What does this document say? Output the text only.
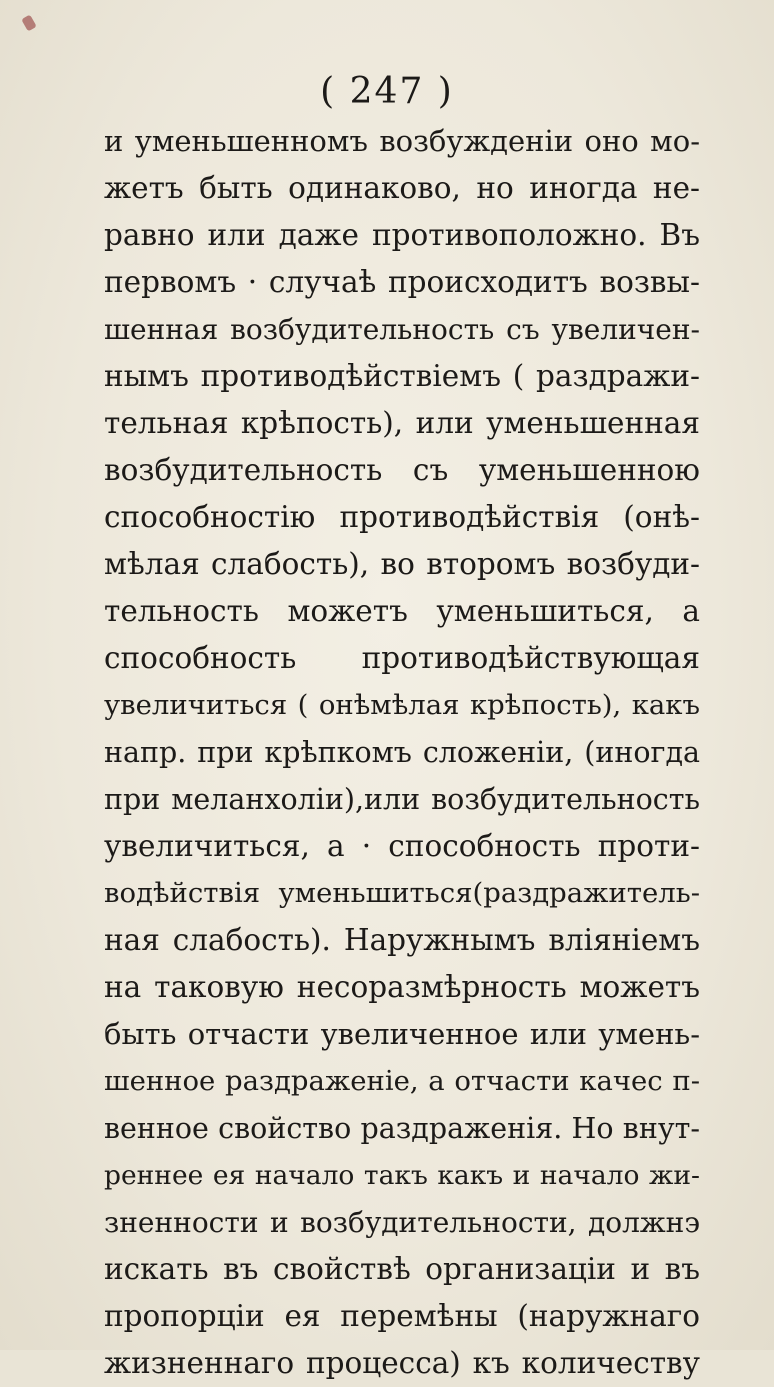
( 247 )
и уменьшенномъ возбужденіи оно мо-
жетъ быть одинаково, но иногда не-
равно или даже противоположно. Въ
первомъ · случаѣ происходитъ возвы-
шенная возбудительность съ увеличен-
нымъ противодѣйствіемъ ( раздражи-
тельная крѣпость), или уменьшенная
возбудительность съ уменьшенною
способностію противодѣйствія (онѣ-
мѣлая слабость), во второмъ возбуди-
тельность можетъ уменьшиться, а
способность противодѣйствующая
увеличиться ( онѣмѣлая крѣпость), какъ
напр. при крѣпкомъ сложеніи, (иногда
при меланхоліи),или возбудительность
увеличиться, а · способность проти-
водѣйствія уменьшиться(раздражитель-
ная слабость). Наружнымъ вліяніемъ
на таковую несоразмѣрность можетъ
быть отчасти увеличенное или умень-
шенное раздраженіе, а отчасти качес п-
венное свойство раздраженія. Но внут-
реннее ея начало такъ какъ и начало жи-
зненности и возбудительности, должнэ
искать въ свойствѣ организаціи и въ
пропорціи ея перемѣны (наружнаго
жизненнаго процесса) къ количеству
